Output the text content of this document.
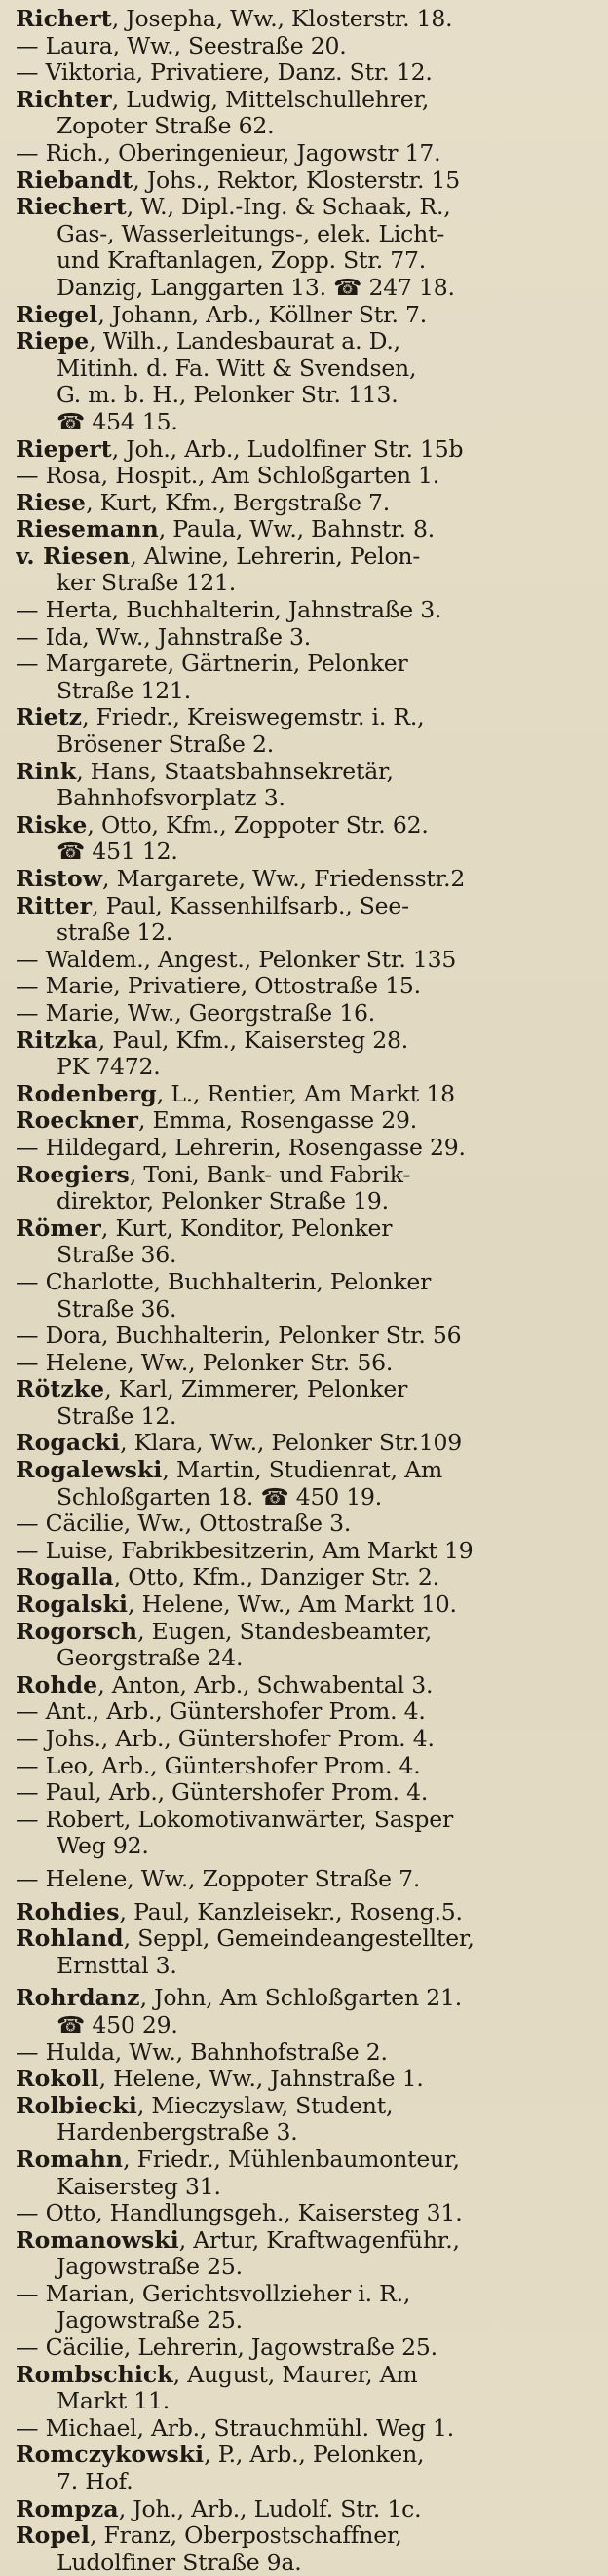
Richert, Josepha, Ww., Klosterstr. 18.
— Laura, Ww., Seestraße 20.
— Viktoria, Privatiere, Danz. Str. 12.
Richter, Ludwig, Mittelschullehrer,
Zopoter Straße 62.
— Rich., Oberingenieur, Jagowstr 17.
Riebandt, Johs., Rektor, Klosterstr. 15
Riechert, W., Dipl.-Ing. & Schaak, R.,
Gas-, Wasserleitungs-, elek. Licht-
und Kraftanlagen, Zopp. Str. 77.
Danzig, Langgarten 13. ☎ 247 18.
Riegel, Johann, Arb., Köllner Str. 7.
Riepe, Wilh., Landesbaurat a. D.,
Mitinh. d. Fa. Witt & Svendsen,
G. m. b. H., Pelonker Str. 113.
☎ 454 15.
Riepert, Joh., Arb., Ludolfiner Str. 15b
— Rosa, Hospit., Am Schloßgarten 1.
Riese, Kurt, Kfm., Bergstraße 7.
Riesemann, Paula, Ww., Bahnstr. 8.
v. Riesen, Alwine, Lehrerin, Pelon-
ker Straße 121.
— Herta, Buchhalterin, Jahnstraße 3.
— Ida, Ww., Jahnstraße 3.
— Margarete, Gärtnerin, Pelonker
Straße 121.
Rietz, Friedr., Kreiswegemstr. i. R.,
Brösener Straße 2.
Rink, Hans, Staatsbahnsekretär,
Bahnhofsvorplatz 3.
Riske, Otto, Kfm., Zoppoter Str. 62.
☎ 451 12.
Ristow, Margarete, Ww., Friedensstr.2
Ritter, Paul, Kassenhilfsarb., See-
straße 12.
— Waldem., Angest., Pelonker Str. 135
— Marie, Privatiere, Ottostraße 15.
— Marie, Ww., Georgstraße 16.
Ritzka, Paul, Kfm., Kaisersteg 28.
PK 7472.
Rodenberg, L., Rentier, Am Markt 18
Roeckner, Emma, Rosengasse 29.
— Hildegard, Lehrerin, Rosengasse 29.
Roegiers, Toni, Bank- und Fabrik-
direktor, Pelonker Straße 19.
Römer, Kurt, Konditor, Pelonker
Straße 36.
— Charlotte, Buchhalterin, Pelonker
Straße 36.
— Dora, Buchhalterin, Pelonker Str. 56
— Helene, Ww., Pelonker Str. 56.
Rötzke, Karl, Zimmerer, Pelonker
Straße 12.
Rogacki, Klara, Ww., Pelonker Str.109
Rogalewski, Martin, Studienrat, Am
Schloßgarten 18. ☎ 450 19.
— Cäcilie, Ww., Ottostraße 3.
— Luise, Fabrikbesitzerin, Am Markt 19
Rogalla, Otto, Kfm., Danziger Str. 2.
Rogalski, Helene, Ww., Am Markt 10.
Rogorsch, Eugen, Standesbeamter,
Georgstraße 24.
Rohde, Anton, Arb., Schwabental 3.
— Ant., Arb., Güntershofer Prom. 4.
— Johs., Arb., Güntershofer Prom. 4.
— Leo, Arb., Güntershofer Prom. 4.
— Paul, Arb., Güntershofer Prom. 4.
— Robert, Lokomotivanwärter, Sasper
Weg 92.
— Helene, Ww., Zoppoter Straße 7.
Rohdies, Paul, Kanzleisekr., Roseng.5.
Rohland, Seppl, Gemeindeangestellter,
Ernsttal 3.
Rohrdanz, John, Am Schloßgarten 21.
☎ 450 29.
— Hulda, Ww., Bahnhofstraße 2.
Rokoll, Helene, Ww., Jahnstraße 1.
Rolbiecki, Mieczyslaw, Student,
Hardenbergstraße 3.
Romahn, Friedr., Mühlenbaumonteur,
Kaisersteg 31.
— Otto, Handlungsgeh., Kaisersteg 31.
Romanowski, Artur, Kraftwagenführ.,
Jagowstraße 25.
— Marian, Gerichtsvollzieher i. R.,
Jagowstraße 25.
— Cäcilie, Lehrerin, Jagowstraße 25.
Rombschick, August, Maurer, Am
Markt 11.
— Michael, Arb., Strauchmühl. Weg 1.
Romczykowski, P., Arb., Pelonken,
7. Hof.
Rompza, Joh., Arb., Ludolf. Str. 1c.
Ropel, Franz, Oberpostschaffner,
Ludolfiner Straße 9a.
